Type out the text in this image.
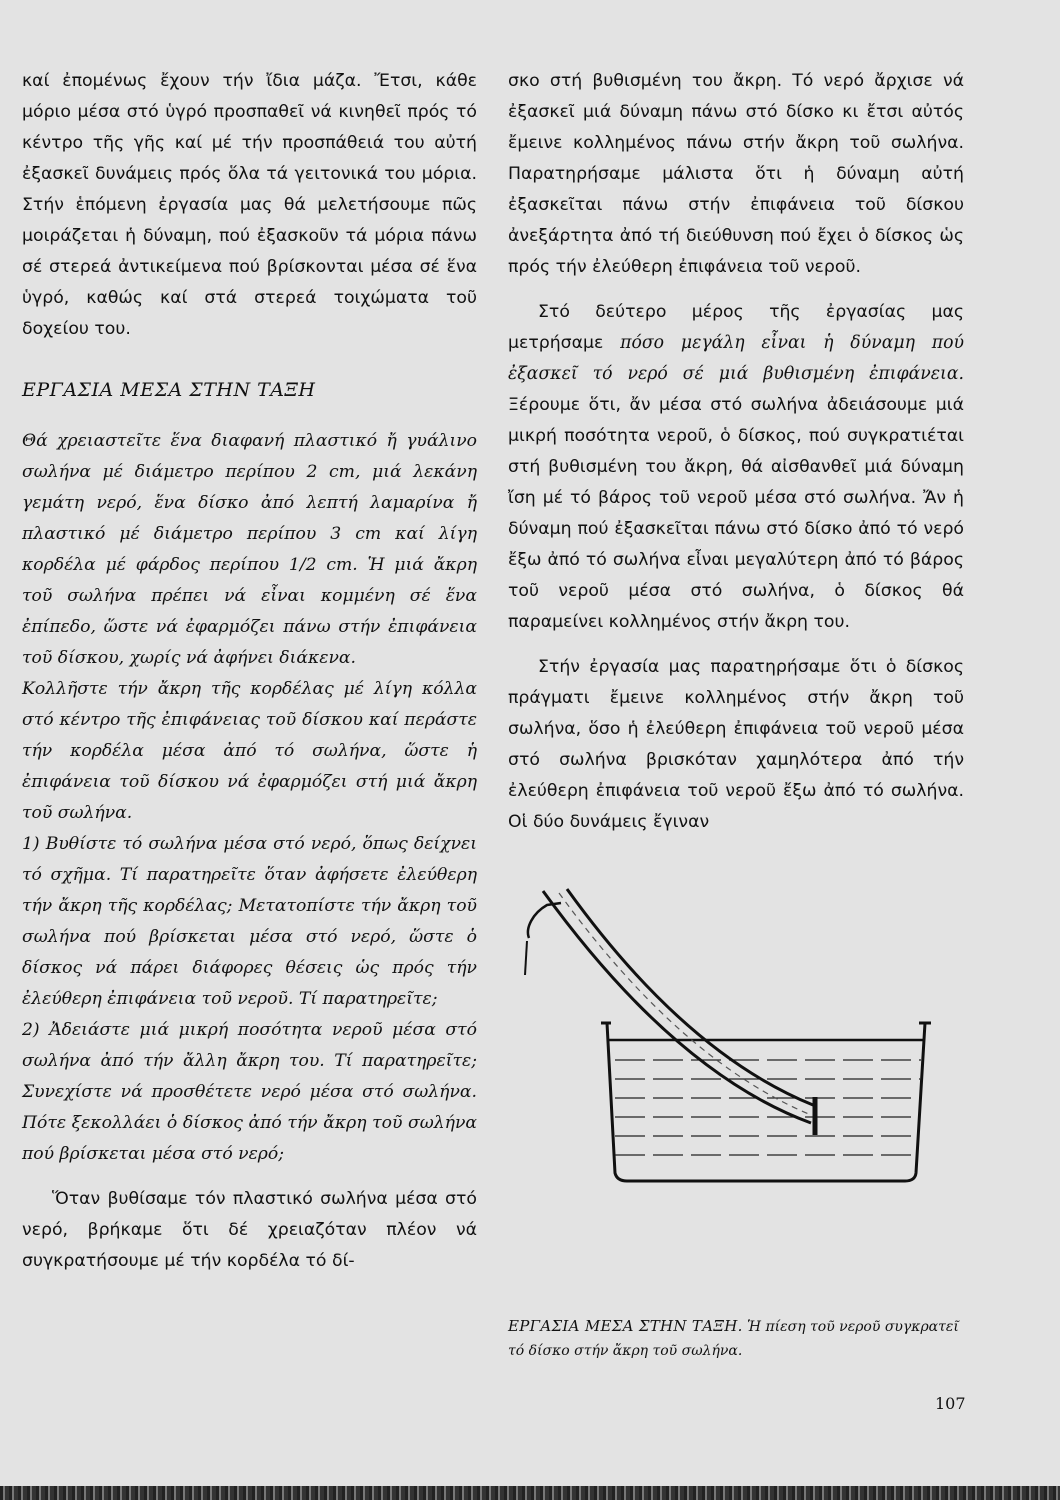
καί ἐπομένως ἔχουν τήν ἴδια μάζα. Ἔτσι, κάθε μόριο μέσα στό ὑγρό προσπαθεῖ νά κινηθεῖ πρός τό κέντρο τῆς γῆς καί μέ τήν προσπάθειά του αὐτή ἐξασκεῖ δυνάμεις πρός ὅλα τά γειτονικά του μόρια. Στήν ἑπόμενη ἐργασία μας θά μελετήσουμε πῶς μοιράζεται ἡ δύναμη, πού ἐξασκοῦν τά μόρια πάνω σέ στερεά ἀντικείμενα πού βρίσκονται μέσα σέ ἕνα ὑγρό, καθώς καί στά στερεά τοιχώματα τοῦ δοχείου του.

ΕΡΓΑΣΙΑ ΜΕΣΑ ΣΤΗΝ ΤΑΞΗ

Θά χρειαστεῖτε ἕνα διαφανή πλαστικό ἤ γυάλινο σωλήνα μέ διάμετρο περίπου 2 cm, μιά λεκάνη γεμάτη νερό, ἕνα δίσκο ἀπό λεπτή λαμαρίνα ἤ πλαστικό μέ διάμετρο περίπου 3 cm καί λίγη κορδέλα μέ φάρδος περίπου 1/2 cm. Ἡ μιά ἄκρη τοῦ σωλήνα πρέπει νά εἶναι κομμένη σέ ἕνα ἐπίπεδο, ὥστε νά ἐφαρμόζει πάνω στήν ἐπιφάνεια τοῦ δίσκου, χωρίς νά ἀφήνει διάκενα.

Κολλῆστε τήν ἄκρη τῆς κορδέλας μέ λίγη κόλλα στό κέντρο τῆς ἐπιφάνειας τοῦ δίσκου καί περάστε τήν κορδέλα μέσα ἀπό τό σωλήνα, ὥστε ἡ ἐπιφάνεια τοῦ δίσκου νά ἐφαρμόζει στή μιά ἄκρη τοῦ σωλήνα.

1) Βυθίστε τό σωλήνα μέσα στό νερό, ὅπως δείχνει τό σχῆμα. Τί παρατηρεῖτε ὅταν ἀφήσετε ἐλεύθερη τήν ἄκρη τῆς κορδέλας; Μετατοπίστε τήν ἄκρη τοῦ σωλήνα πού βρίσκεται μέσα στό νερό, ὥστε ὁ δίσκος νά πάρει διάφορες θέσεις ὡς πρός τήν ἐλεύθερη ἐπιφάνεια τοῦ νεροῦ. Τί παρατηρεῖτε;

2) Ἀδειάστε μιά μικρή ποσότητα νεροῦ μέσα στό σωλήνα ἀπό τήν ἄλλη ἄκρη του. Τί παρατηρεῖτε; Συνεχίστε νά προσθέτετε νερό μέσα στό σωλήνα. Πότε ξεκολλάει ὁ δίσκος ἀπό τήν ἄκρη τοῦ σωλήνα πού βρίσκεται μέσα στό νερό;

Ὅταν βυθίσαμε τόν πλαστικό σωλήνα μέσα στό νερό, βρήκαμε ὅτι δέ χρειαζόταν πλέον νά συγκρατήσουμε μέ τήν κορδέλα τό δί-

σκο στή βυθισμένη του ἄκρη. Τό νερό ἄρχισε νά ἐξασκεῖ μιά δύναμη πάνω στό δίσκο κι ἔτσι αὐτός ἔμεινε κολλημένος πάνω στήν ἄκρη τοῦ σωλήνα. Παρατηρήσαμε μάλιστα ὅτι ἡ δύναμη αὐτή ἐξασκεῖται πάνω στήν ἐπιφάνεια τοῦ δίσκου ἀνεξάρτητα ἀπό τή διεύθυνση πού ἔχει ὁ δίσκος ὡς πρός τήν ἐλεύθερη ἐπιφάνεια τοῦ νεροῦ.

Στό δεύτερο μέρος τῆς ἐργασίας μας μετρήσαμε πόσο μεγάλη εἶναι ἡ δύναμη πού ἐξασκεῖ τό νερό σέ μιά βυθισμένη ἐπιφάνεια. Ξέρουμε ὅτι, ἄν μέσα στό σωλήνα ἀδειάσουμε μιά μικρή ποσότητα νεροῦ, ὁ δίσκος, πού συγκρατιέται στή βυθισμένη του ἄκρη, θά αἰσθανθεῖ μιά δύναμη ἴση μέ τό βάρος τοῦ νεροῦ μέσα στό σωλήνα. Ἄν ἡ δύναμη πού ἐξασκεῖται πάνω στό δίσκο ἀπό τό νερό ἔξω ἀπό τό σωλήνα εἶναι μεγαλύτερη ἀπό τό βάρος τοῦ νεροῦ μέσα στό σωλήνα, ὁ δίσκος θά παραμείνει κολλημένος στήν ἄκρη του.

Στήν ἐργασία μας παρατηρήσαμε ὅτι ὁ δίσκος πράγματι ἔμεινε κολλημένος στήν ἄκρη τοῦ σωλήνα, ὅσο ἡ ἐλεύθερη ἐπιφάνεια τοῦ νεροῦ μέσα στό σωλήνα βρισκόταν χαμηλότερα ἀπό τήν ἐλεύθερη ἐπιφάνεια τοῦ νεροῦ ἔξω ἀπό τό σωλήνα. Οἱ δύο δυνάμεις ἔγιναν

ΕΡΓΑΣΙΑ ΜΕΣΑ ΣΤΗΝ ΤΑΞΗ. Ἡ πίεση τοῦ νεροῦ συγκρατεῖ τό δίσκο στήν ἄκρη τοῦ σωλήνα.

107
